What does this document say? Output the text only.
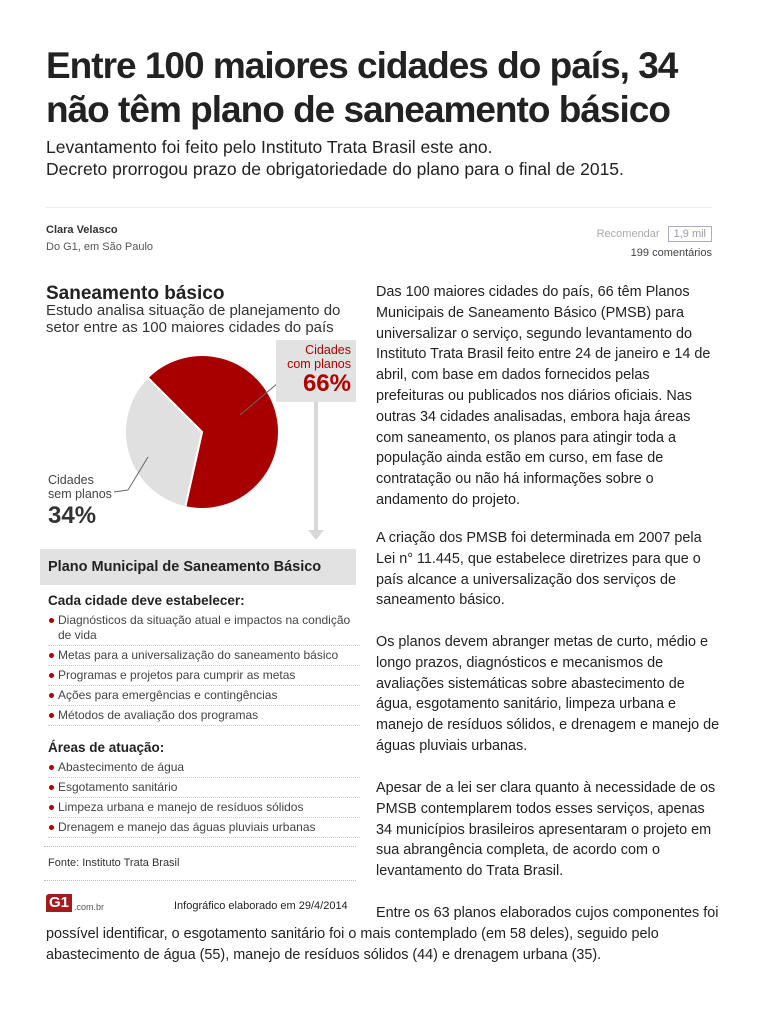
Entre 100 maiores cidades do país, 34 não têm plano de saneamento básico
Levantamento foi feito pelo Instituto Trata Brasil este ano.
Decreto prorrogou prazo de obrigatoriedade do plano para o final de 2015.
Clara Velasco
Do G1, em São Paulo
Recomendar	1,9 mil
199 comentários
Saneamento básico
Estudo analisa situação de planejamento do setor entre as 100 maiores cidades do país
Cidades
com planos
66%
Cidades
sem planos
34%
Plano Municipal de Saneamento Básico
Cada cidade deve estabelecer:
Diagnósticos da situação atual e impactos na condição de vida
Metas para a universalização do saneamento básico
Programas e projetos para cumprir as metas
Ações para emergências e contingências
Métodos de avaliação dos programas
Áreas de atuação:
Abastecimento de água
Esgotamento sanitário
Limpeza urbana e manejo de resíduos sólidos
Drenagem e manejo das águas pluviais urbanas
Fonte: Instituto Trata Brasil
G1 .com.br	Infográfico elaborado em 29/4/2014

Das 100 maiores cidades do país, 66 têm Planos Municipais de Saneamento Básico (PMSB) para universalizar o serviço, segundo levantamento do Instituto Trata Brasil feito entre 24 de janeiro e 14 de abril, com base em dados fornecidos pelas prefeituras ou publicados nos diários oficiais. Nas outras 34 cidades analisadas, embora haja áreas com saneamento, os planos para atingir toda a população ainda estão em curso, em fase de contratação ou não há informações sobre o andamento do projeto.

A criação dos PMSB foi determinada em 2007 pela Lei n° 11.445, que estabelece diretrizes para que o país alcance a universalização dos serviços de saneamento básico.

Os planos devem abranger metas de curto, médio e longo prazos, diagnósticos e mecanismos de avaliações sistemáticas sobre abastecimento de água, esgotamento sanitário, limpeza urbana e manejo de resíduos sólidos, e drenagem e manejo de águas pluviais urbanas.

Apesar de a lei ser clara quanto à necessidade de os PMSB contemplarem todos esses serviços, apenas 34 municípios brasileiros apresentaram o projeto em sua abrangência completa, de acordo com o levantamento do Trata Brasil.

Entre os 63 planos elaborados cujos componentes foi possível identificar, o esgotamento sanitário foi o mais contemplado (em 58 deles), seguido pelo abastecimento de água (55), manejo de resíduos sólidos (44) e drenagem urbana (35).
